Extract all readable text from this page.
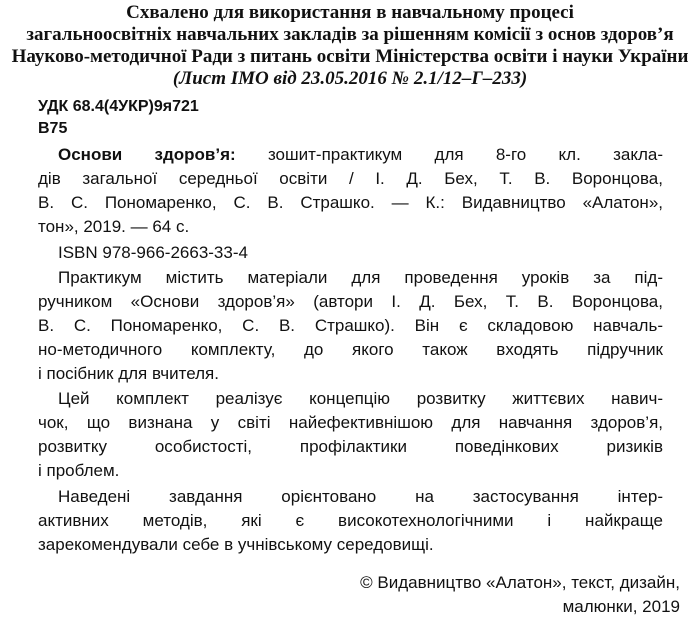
Схвалено для використання в навчальному процесі
загальноосвітніх навчальних закладів за рішенням комісії з основ здоров’я
Науково-методичної Ради з питань освіти Міністерства освіти і науки України
(Лист IMO від 23.05.2016 № 2.1/12–Г–233)
УДК 68.4(4УКР)9я721
В75
Основи здоров’я: зошит-практикум для 8-го кл. закла-
дів загальної середньої освіти / І. Д. Бех, Т. В. Воронцова,
В. С. Пономаренко, С. В. Страшко. — К.: Видавництво «Алатон»,
тон», 2019. — 64 с.
ISBN 978-966-2663-33-4
Практикум містить матеріали для проведення уроків за під-
ручником «Основи здоров’я» (автори І. Д. Бех, Т. В. Воронцова,
В. С. Пономаренко, С. В. Страшко). Він є складовою навчаль-
но-методичного комплекту, до якого також входять підручник
і посібник для вчителя.
Цей комплект реалізує концепцію розвитку життєвих навич-
чок, що визнана у світі найефективнішою для навчання здоров’я,
розвитку особистості, профілактики поведінкових ризиків
і проблем.
Наведені завдання орієнтовано на застосування інтер-
активних методів, які є високотехнологічними і найкраще
зарекомендували себе в учнівському середовищі.
© Видавництво «Алатон», текст, дизайн,
малюнки, 2019
